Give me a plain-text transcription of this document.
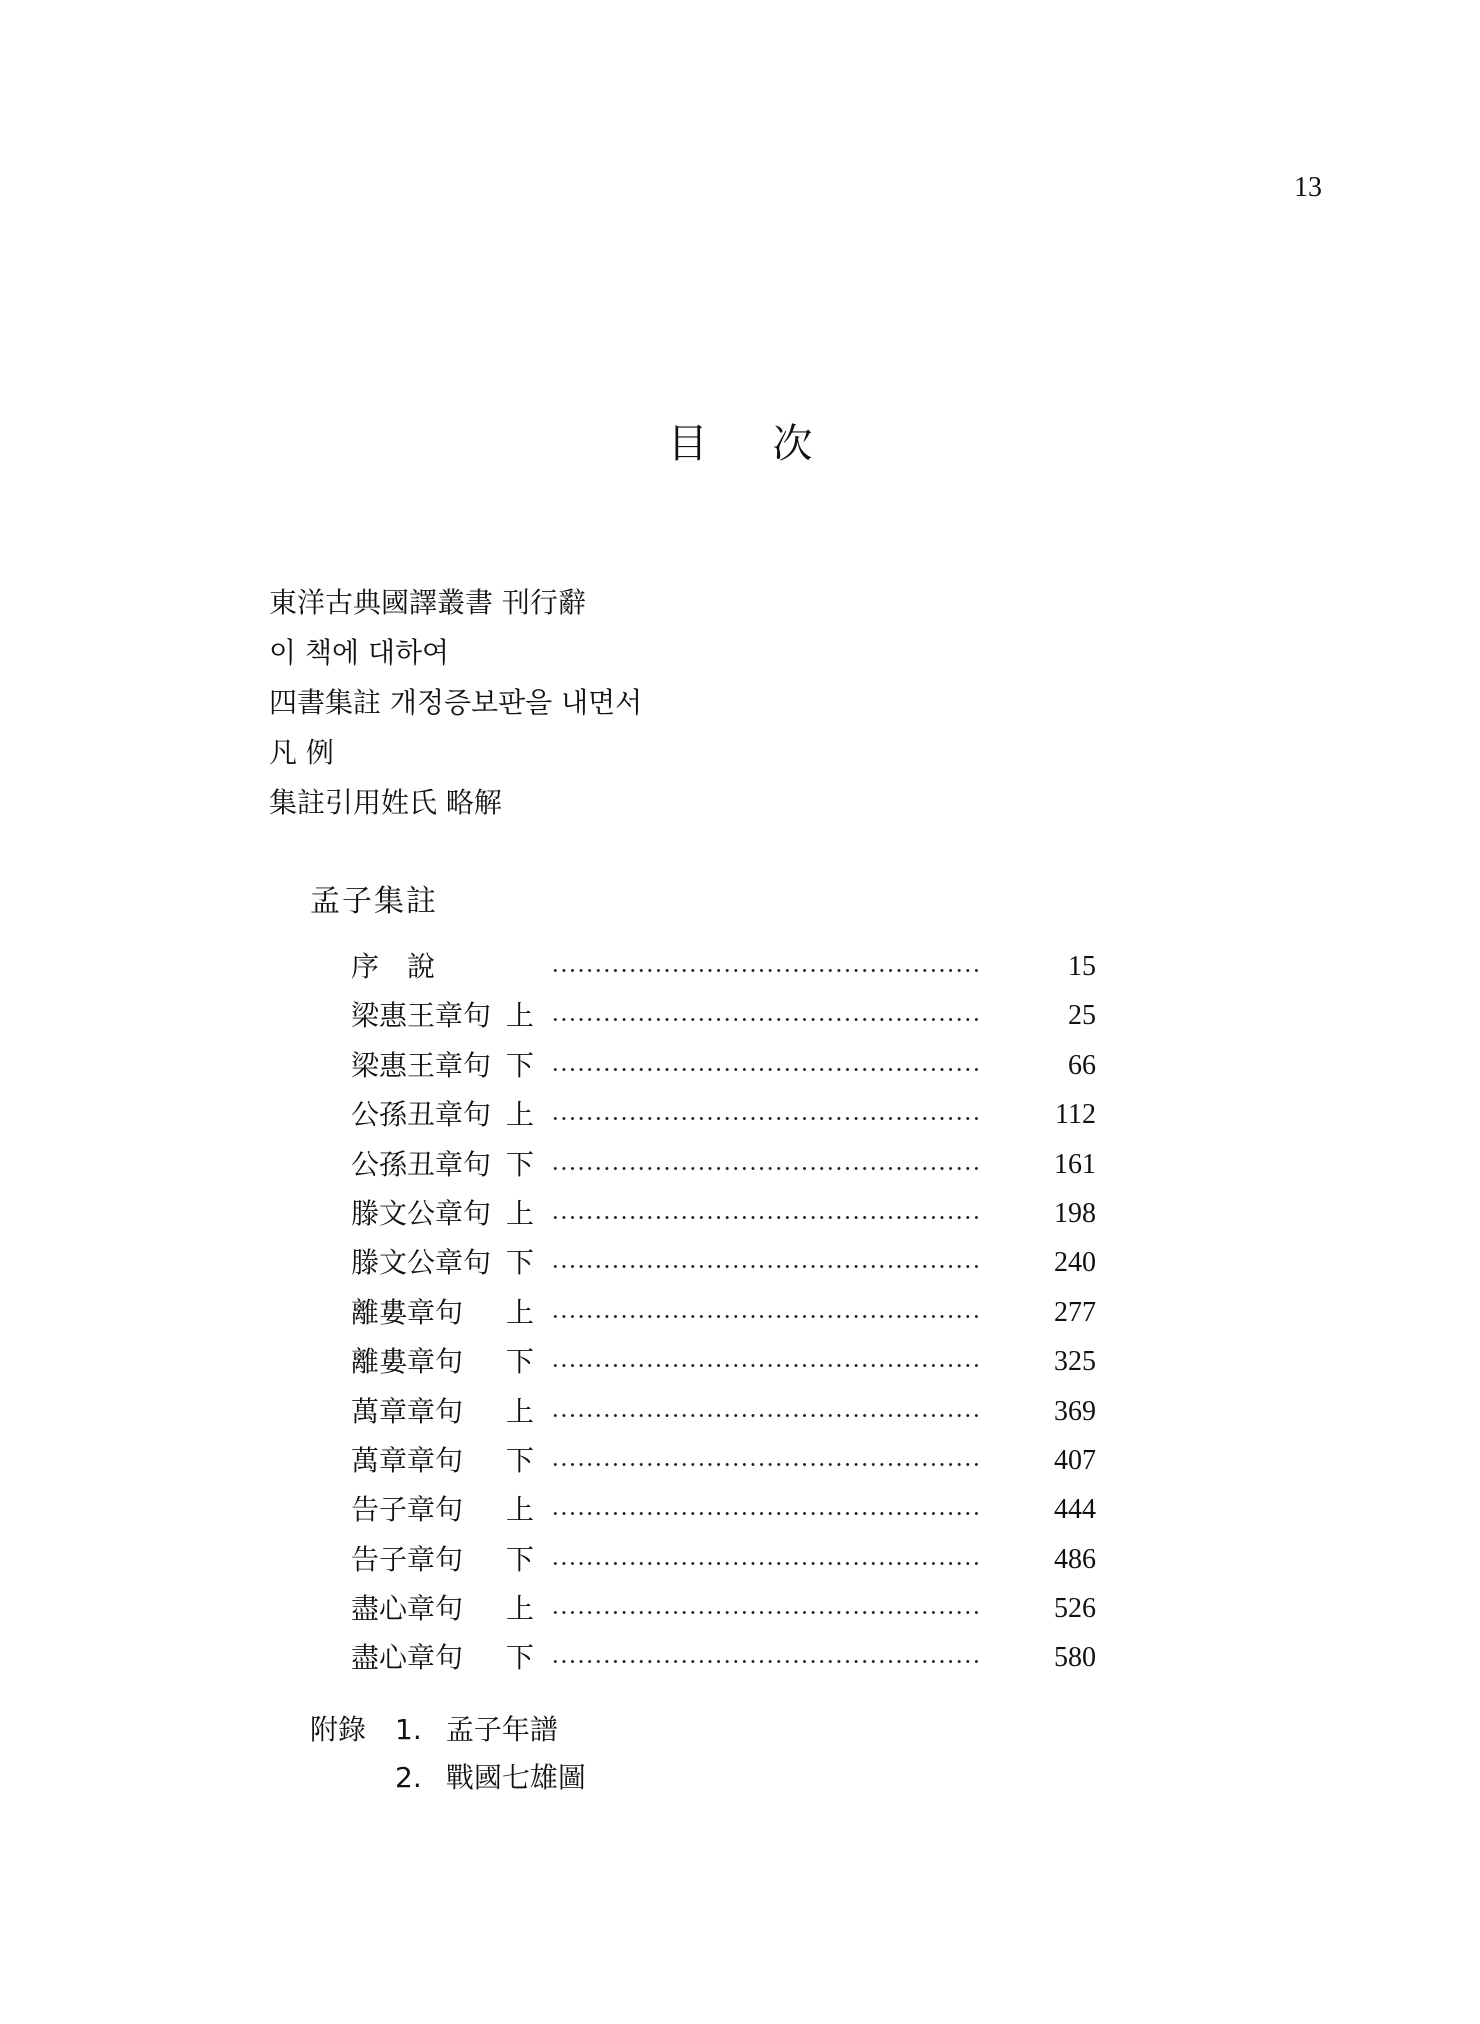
13
目 次
東洋古典國譯叢書 刊行辭
이 책에 대하여
四書集註 개정증보판을 내면서
凡 例
集註引用姓氏 略解
孟子集註
序　說	15
梁惠王章句 上	25
梁惠王章句 下	66
公孫丑章句 上	112
公孫丑章句 下	161
滕文公章句 上	198
滕文公章句 下	240
離婁章句 上	277
離婁章句 下	325
萬章章句 上	369
萬章章句 下	407
告子章句 上	444
告子章句 下	486
盡心章句 上	526
盡心章句 下	580
附錄 1. 孟子年譜
2. 戰國七雄圖
